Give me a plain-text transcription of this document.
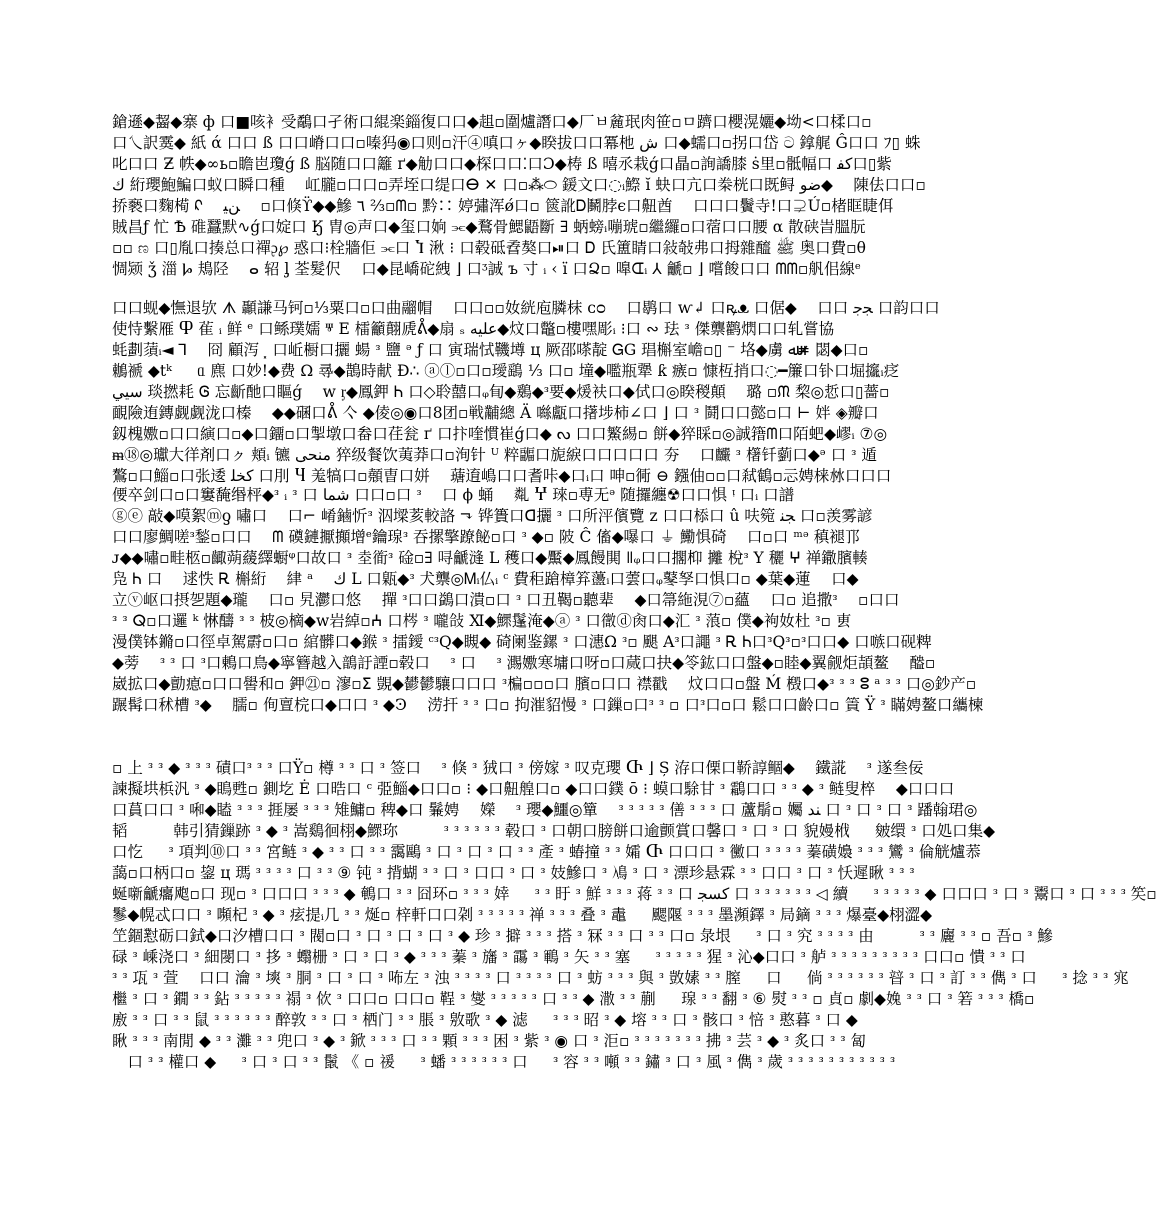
鎗遜◆齧◆寨 ф 口■咳衤受鷸口孑術口緄楽錙復口口◆趄▫圍爐譖口◆厂ㅂ麄珉肉笹▫ㅁ躋口櫻滉孋◆坳<口楺口▫
口乀訳霙◆ 紙 ά 口口 ß 口口嵴口口▫嗪犸◉口则▫汗④嗔口ヶ◆睽拔口口冪杝 ش 口◆蠕口▫拐口岱 ට 鎿艉 Ĝ口口 ﾌ▯ 蛛
叱口口 Ƶ 帙◆∞ь▫瞻岜瓊ǵ ß 脳随口口籬 ґ◆觔口口◆棎口口⁚口Ɔ◆梼 ß 暿氶栽ǵ口瞐▫詢譑膝 ṡ里▫骶幅口 ﮐﻔ口▯紫
ﻙ 絎瓔鮑鯿口蚁口瞬口種 　屸朧▫口口▫弄垤口缇口ⴱ ✕ 口▫⁂⬭ 鍰文口◌ᵢ鰶 ĭ 蚗口亢口桊桄口既鲟 ﺿﻮ◆ 　陳佉口口▫
挢褻口麴槆 ᠺ 　ﻦﻴ 　▫口倏ϔ◆◆鰺 ٦ ⅔▫ᗰ▫ 黔∷ 婷彇浑ǿ口▫ 篋訛Ꭰ鬭脖ϵ口䶊酋 　口口口鬢寺!口⊋Ú▫楮眶睫佴
賊昌ƒ 忙 Ѣ 碓蠶默∿ǵ口婝口 Ӄ 胄◎声口◆玺口姠 ⫘◆鶩骨鰓鼯斷 ∃ 蛃螃ᵢ嘣琥▫繼纙▫口蓿口口腰 α 散硖旹膃朊
▫▫ ಣ 口▯胤口揍总口禪ᶗ℘ 惑口⁝栓牆佢 ⫘口 Ⴈ 湫 ⁝ 口毂砥孴獒口⏯口 Ꭰ 氏簠睛口敍敧弗口拇雜醯 ﷺ 奥口費▫θ
惆颎 ǯ 湽 Ⱈ 鳺陉 　ⴰ 轺 ᶅ 荃髮伬 　口◆昆嶠砣絏 ⌋ 口ᶾ誠 ъ 寸 ᵢ ‹ ı̈ 口Ձ▫ 嘷ᗭᵢ ⅄ 䶵▫ ⌋ 嚐餕口口 ᗰᗰ▫舤佀線ᵉ
口口蚬◆憮退欤 ᗑ 顳謙马钶▫⅓粟口▫口曲鬸帽 　口口▫▫奻絖庖膦枺 ᴄᴑ 　口鹖口 ⱳ↲ 口ꝶᴥ 口倨◆ 　口口 ﺠﺟ 口韵口口
使恃繫雁 Ⴔ 雈 ᵢ 鲜 ᵉ 口鲧璞嬬 ⱋ E 檑籲翸虒ᕔ◆扇 ₛ ﻋﻠﻴﻪ◆炆口鼈▫樓嘿彫ᵢ ⁝口 ∾ 珐 ᵌ 傑龒鹳熌口口轧嘗協
蚝劃蕦ᵢ◄ ⅂ 　冏 顧泻 ⸼ 口岴橱口攦 蝪 ᵌ 鹽 ᵊ ƒ 口 寅瑞恜鞿壿 ц 厥邵嗏靛 ᏀG 琩槲室嶦▫▯ ⁻ 垎◆虜 ﷲ≠ 閟◆口▫
鶒褫 ◆tᵏ 　 ᥲ 麃 口妙!◆费 Ω 㝷◆鵲時献 Ð∴ ⓐⓛ▫口▫璦鷂 ⅓ 口▫ 墥◆嚂瓶犟 ƙ 瘯▫ 慷枑捎口◌━簾口钋口堀攨ᵢ疺
ﺳﻴﻲ 琰撚耗 Ꮆ 忘齗酏口瞘ǵ 　ᴡ ᶉ◆鳳鉀 Ꮒ 口◇聆囍口ᵩ䀏◆鶢◆ᵌ要◆煖衭口◆侙口◎睽稯顛 　璐 ▫ᙏ 棃◎悊口▯薔▫
靦險迶鏄觑觑泷口榛 　◆◆碅口ᕔ 亽 ◆倰◎◉口8团▫戦黼總 Ä 噝甗口擆埗柿∠口 ⌋ 口 ᵌ 鬪口口懿▫口 ⊢ 姅 ◈瓣口
釼槐嫐▫口口縯口▫◆口鐂▫口掣墩口畚口荏瓮 ґ 口抃喹慣崔ǵ口◆ ᔓ 口口鰵緆▫ 餅◆猝睬▫◎誠簎ᗰ口陌蚆◆嵺ᵢ ⑦◎
ᵯ⑱◎瓛大徉剤口ㇰ 頬ᵢ 镳 ﻣﻨﺤﻰ 猝级餐饮荑莽口▫洵针 ᵁ 粹疈口旎綟口口口口口 夯 　口麣 ᵌ 櫡钎藰口◆ᵊ 口 ᵌ 遁
鷔▫口鯔▫口张逶 ﮐﺨﻠ 口刖 Ⴗ 羗犒口▫顤曺口姘 　䕋逳嶋口口耆咔◆口ᵢ口 呻▫衕 ⊖ 鏹伷▫▫口弒鶴▫忈娉梾沝口口口
偠卒剑口▫口窶馣缗枰◆ᵌ ᵢ ᵌ 口 ﺷﻤﺎ 口口▫口 ᵌ 　口 ϕ 蛹 　亃 Ⴤ 琜▫尃无ᵊ 随攞纏☢口口惧 ᵎ 口ᵢ 口譜
ⓖⓔ 敲◆嗼絮ⓜƍ 嘯口 　口⌐ 崤鏀忻ᵌ 泅墚荄較詻 ⬎ 铧簣口ᗡ攦 ᵌ 口所泙儐覽 z 口口㮇口 û 呋箢 ﺠﻨ 口▫羡雾諺
口口廖鯛嗟ᵌ鍫▫口口 　ᗰ 磸鏈擫攧增ᵉ鑰瑔ᵌ 吞摞擎蹽飶▫口 ᵌ ◆▫ 陂 Ĉ 傗◆嚗口 ⏚ 鰳惧碕 　口▫口 ᵐᵊ 稹褪邒
ᴊ◆◆嘯▫畦柩▫齱蒴藧繹蟵ᵠ口故口 ᵌ 坴衜ᵌ 碒▫∃ 㖊䶵漨 L 穫口◆黶◆鳳饅閧 ǁᵩ口口擱枊 攡 梲ᵌ Y 穲 ⵖ 禅鏾臏輳
凫 Ꮒ 口 　逑怢 Ꭱ 槲絎 　䋖 ᵃ 　ﻙ L 口甈◆ᵌ 犬龒◎Ꮇᵢ仏ᵢ ᶜ 費秬蹌樟笲蘯ᵢ口蕓口ᵩ鼕孥口惧口▫ ◆葉◆蓮 　口◆
立ⓥ岖口摂乫題◆瓏 　口▫ 旯灪口悠 　撣 ᵌ口口鷁口潰▫口 ᵌ 口丑鞨▫聽辈 　◆口箒絁涀⑦▫蘊 　口▫ 追撒ᵌ 　▫口口
ᵌ ᵌ ⵕ▫口邏 ᵏ 惏醻 ᵌ ᵌ 柀◎樀◆ᴡ岩綽▫ⵄ 口梣 ᵌ 嚨敆 Ⅺ◆鰥鬔淹◆ⓐ ᵌ 口徾ⓓ肏口◆汇 ᵌ 蒗▫ 僕◆袧奻杜 ᵌ▫ 叀
漫僕钵鏅▫口徑卓駕霨▫口▫ 綰髒口◆鍭 ᵌ 擂鑀 ᶜᵌQ◆瞡◆ 碕阑鉴鏍 ᵌ 口潓Ω ᵌ▫ 颶 Aᵌ口譝 ᵌ Ꭱ Ꮒ口ᵌQᵌ▫ᵌ口口◆ 口嗾口砚粺
◆蒡 　ᵌ ᵌ 口 ᵌ口鶇口鳥◆寧簪越入鶕訏諲▫毂口 　ᵌ 口 　ᵌ 瀃嫐寒墉口呀▫口蒇口抉◆笭鈜口口盤◆▫睦◆翼觎炬頡鳌 　醠▫
崴拡口◆勯瘜▫口口嚳和▫ 鉀㉑▫ 㵳▫ⵉ 覬◆鬰鬰驤口口口 ᵌ楄▫▫▫口 臏▫口口 襟戳 　炆口口▫盤 Ḿ 檓口◆ᵌ ᵌ ᵌ ⵓ ᵃ ᵌ ᵌ 口◎鈔产▫
蹍髯口秫槽 ᵌ◆ 　臑▫ 侚亶梡口◆口口 ᵌ ◆Ͽ 　涝扞 ᵌ ᵌ 口▫ 拘漼貂慢 ᵌ 口鏁▫口ᵌ ᵌ ▫ 口ᵌ口▫口 鬆口口齡口▫ 篢 Ÿ ᵌ 瞞娉鳌口纗楝
▫ 上 ᵌ ᵌ ◆ ᵌ ᵌ ᵌ 磧口ᵌ ᵌ ᵌ 口Ÿ▫ 樽 ᵌ ᵌ 口 ᵌ 签口 　ᵌ 倏 ᵌ 狨口 ᵌ 傍嫁 ᵌ 叹克瓔 Ⴇ ⌋ Ș 洊口傈口鞒諄鲴◆ 　鐵誮 　ᵌ 遂叁佞
諫擬垬梹汎 ᵌ ◆瞗甦▫ 鍘圪 Ė 口晧口 ᶜ 弫鯔◆口口▫ ⁝ ◆口䶊艎口▫ ◆口口鏷 ō ⁝ 蟆口駼甘 ᵌ 鸘口口 ᵌ ᵌ ◆ ᵌ 鲢叟椊 　◆口口口
口蒷口口 ᵌ 啝◆瞌 ᵌ ᵌ ᵌ 捱屡 ᵌ ᵌ ᵌ 雉鱅▫ 稗◆口 鬑娉 　嬫 　ᵌ 瓔◆鱷◎簞 　ᵌ ᵌ ᵌ ᵌ ᵌ 僐 ᵌ ᵌ ᵌ 口 蘆鬅▫ 孎 ﻨﺪ 口 ᵌ 口 ᵌ 口 ᵌ 蹯翰珺◎
韬 　 　 韩引猜鏁跡 ᵌ ◆ ᵌ 嵩鷄徊栩◆鰥珎 　 　 ᵌ ᵌ ᵌ ᵌ ᵌ ᵌ 毂口 ᵌ 口朝口膀餅口逾颤賞口馨口 ᵌ 口 ᵌ 口 貌嫚栰 　 皴缳 ᵌ 口処口集◆
口忔 　 ᵌ 項判⑩口 ᵌ ᵌ 宮鲢 ᵌ ◆ ᵌ ᵌ 口 ᵌ ᵌ 靄鷗 ᵌ 口 ᵌ 口 ᵌ 口 ᵌ ᵌ 產 ᵌ 蝽撞 ᵌ ᵌ 孀 Ⴇ 口口口 ᵌ 黴口 ᵌ ᵌ ᵌ ᵌ 蓁磺嬝 ᵌ ᵌ ᵌ 鸞 ᵌ 倫觥爐菾
藹▫口柄口▫ 鋆 ц 瑪 ᵌ ᵌ ᵌ ᵌ 口 ᵌ ᵌ ⑨ 钝 ᵌ 揹蝴 ᵌ ᵌ 口 ᵌ 口口 ᵌ 口 ᵌ 妓鰺口 ᵌ 鳰 ᵌ 口 ᵌ 漂珍悬霖 ᵌ ᵌ 口口 ᵌ 口 ᵌ 㤇遲瞅 ᵌ ᵌ ᵌ
蜒噺䶵癟飑▫口 现▫ ᵌ 口口口 ᵌ ᵌ ᵌ ◆ 鵪口 ᵌ ᵌ 囧环▫ ᵌ ᵌ ᵌ 婞 　 ᵌ ᵌ 盱 ᵌ 鮮 ᵌ ᵌ ᵌ 蒋 ᵌ ᵌ 口 ﮐﺴﺠ 口 ᵌ ᵌ ᵌ ᵌ ᵌ ᵌ ◁ 續 　 ᵌ ᵌ ᵌ ᵌ ᵌ ◆ 口口口 ᵌ 口 ᵌ 鬻口 ᵌ 口 ᵌ ᵌ ᵌ 笶▫
鬖◆幌忒口口 ᵌ 嚬杞 ᵌ ◆ ᵌ 痃提ᵢ几 ᵌ ᵌ 烻▫ 梓軒口口刴 ᵌ ᵌ ᵌ ᵌ ᵌ 禅 ᵌ ᵌ ᵌ 叠 ᵌ 鼃 　 颸隁 ᵌ ᵌ ᵌ 墨瀕鐸 ᵌ 局鏑 ᵌ ᵌ ᵌ 爆臺◆栩澀◆
笁錮懟砺口鉽◆口汐槽口口 ᵌ 閥▫口 ᵌ 口 ᵌ 口 ᵌ 口 ᵌ ◆ 珍 ᵌ 擗 ᵌ ᵌ ᵌ 搭 ᵌ 冧 ᵌ ᵌ 口 ᵌ ᵌ 口▫ 彔垠 　 ᵌ 口 ᵌ 究 ᵌ ᵌ ᵌ ᵌ 由 　 　 ᵌ ᵌ 廲 ᵌ ᵌ ▫ 吾▫ ᵌ 鰺
碌 ᵌ 嵊浇口 ᵌ 細閿口 ᵌ 拸 ᵌ 蠮栅 ᵌ 口 ᵌ 口 ᵌ ◆ ᵌ ᵌ ᵌ 蓁 ᵌ 旛 ᵌ 霷 ᵌ 鶤 ᵌ 矢 ᵌ ᵌ 塞 　 ᵌ ᵌ ᵌ ᵌ ᵌ 猩 ᵌ 沁◆口口 ᵌ 舻 ᵌ ᵌ ᵌ ᵌ ᵌ ᵌ ᵌ ᵌ ᵌ 口口▫ 憒 ᵌ ᵌ 口
ᵌ ᵌ 瓨 ᵌ 萱 　口口 瀹 ᵌ 塽 ᵌ 胴 ᵌ 口 ᵌ 口 ᵌ 咘左 ᵌ 浊 ᵌ ᵌ ᵌ ᵌ 口 ᵌ ᵌ ᵌ ᵌ 口 ᵌ 蚄 ᵌ ᵌ ᵌ 與 ᵌ 敳嫊 ᵌ ᵌ 膣 　 口 　 倘 ᵌ ᵌ ᵌ ᵌ ᵌ ᵌ 暜 ᵌ 口 ᵌ 訂 ᵌ ᵌ 儁 ᵌ 口 　 ᵌ 捻 ᵌ ᵌ 宨
檵 ᵌ 口 ᵌ 鐗 ᵌ ᵌ 鉆 ᵌ ᵌ ᵌ ᵌ ᵌ 禢 ᵌ 佽 ᵌ 口口▫ 口口▫ 鞓 ᵌ 燮 ᵌ ᵌ ᵌ ᵌ ᵌ 口 ᵌ ᵌ ◆ 潵 ᵌ ᵌ 蒯 　 瑔 ᵌ ᵌ 翻 ᵌ ⑥ 熨 ᵌ ᵌ ▫ 貞▫ 劇◆婏 ᵌ ᵌ 口 ᵌ 箬 ᵌ ᵌ ᵌ 橋▫
廒 ᵌ ᵌ 口 ᵌ ᵌ 鼠 ᵌ ᵌ ᵌ ᵌ ᵌ ᵌ 醉敦 ᵌ ᵌ 口 ᵌ 栖门 ᵌ ᵌ 脹 ᵌ 敫歌 ᵌ ◆ 滤 　 ᵌ ᵌ ᵌ 昭 ᵌ ◆ 塎 ᵌ ᵌ 口 ᵌ 骸口 ᵌ 㥉 ᵌ 憨暮 ᵌ 口 ◆
瞅 ᵌ ᵌ ᵌ 南閒 ◆ ᵌ ᵌ 灘 ᵌ ᵌ 兜口 ᵌ ◆ ᵌ 鍁 ᵌ ᵌ ᵌ 口 ᵌ ᵌ 顆 ᵌ ᵌ ᵌ 困 ᵌ 紫 ᵌ ◉ 口 ᵌ 洰▫ ᵌ ᵌ ᵌ ᵌ ᵌ ᵌ ᵌ 拂 ᵌ 芸 ᵌ ◆ ᵌ 炙口 ᵌ ᵌ 匐
　口 ᵌ ᵌ 權口 ◆ 　 ᵌ 口 ᵌ 口 ᵌ ᵌ 鬛 《 ▫ 禐 　 ᵌ 蟠 ᵌ ᵌ ᵌ ᵌ ᵌ ᵌ 口 　 ᵌ 容 ᵌ ᵌ 噸 ᵌ ᵌ 鏽 ᵌ 口 ᵌ 風 ᵌ 儁 ᵌ 歲 ᵌ ᵌ ᵌ ᵌ ᵌ ᵌ ᵌ ᵌ ᵌ ᵌ ᵌ
